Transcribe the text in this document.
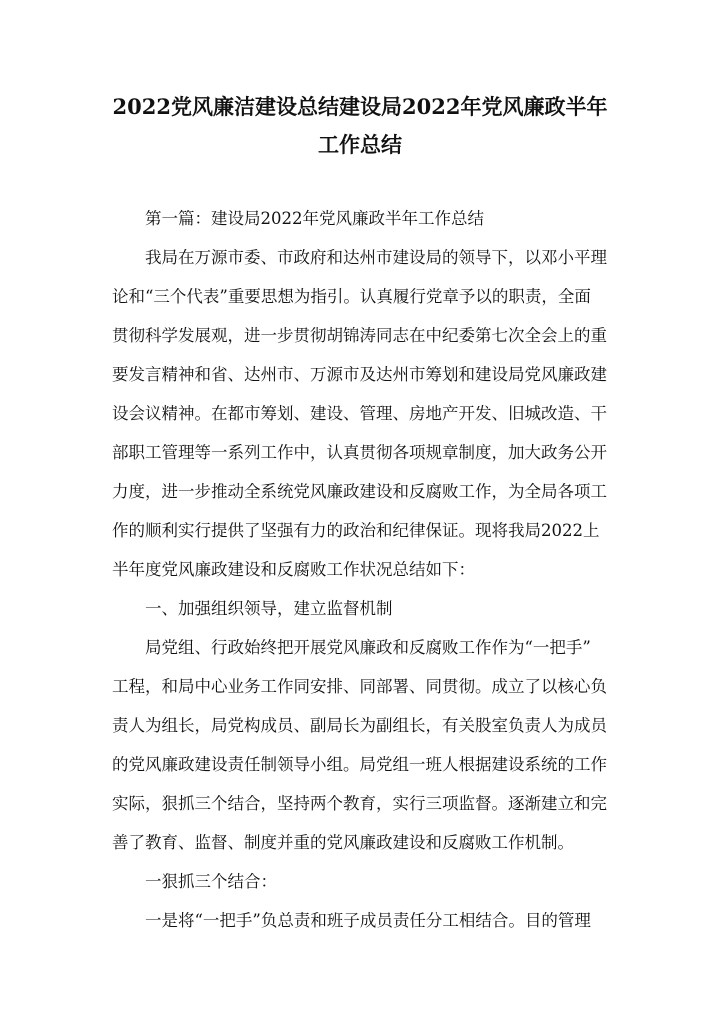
2022党风廉洁建设总结建设局2022年党风廉政半年
工作总结
第一篇：建设局2022年党风廉政半年工作总结
我局在万源市委、市政府和达州市建设局的领导下，以邓小平理
论和“三个代表”重要思想为指引。认真履行党章予以的职责，全面
贯彻科学发展观，进一步贯彻胡锦涛同志在中纪委第七次全会上的重
要发言精神和省、达州市、万源市及达州市筹划和建设局党风廉政建
设会议精神。在都市筹划、建设、管理、房地产开发、旧城改造、干
部职工管理等一系列工作中，认真贯彻各项规章制度，加大政务公开
力度，进一步推动全系统党风廉政建设和反腐败工作，为全局各项工
作的顺利实行提供了坚强有力的政治和纪律保证。现将我局2022上
半年度党风廉政建设和反腐败工作状况总结如下：
一、加强组织领导，建立监督机制
局党组、行政始终把开展党风廉政和反腐败工作作为“一把手”
工程，和局中心业务工作同安排、同部署、同贯彻。成立了以核心负
责人为组长，局党构成员、副局长为副组长，有关股室负责人为成员
的党风廉政建设责任制领导小组。局党组一班人根据建设系统的工作
实际，狠抓三个结合，坚持两个教育，实行三项监督。逐渐建立和完
善了教育、监督、制度并重的党风廉政建设和反腐败工作机制。
一狠抓三个结合：
一是将“一把手”负总责和班子成员责任分工相结合。目的管理
